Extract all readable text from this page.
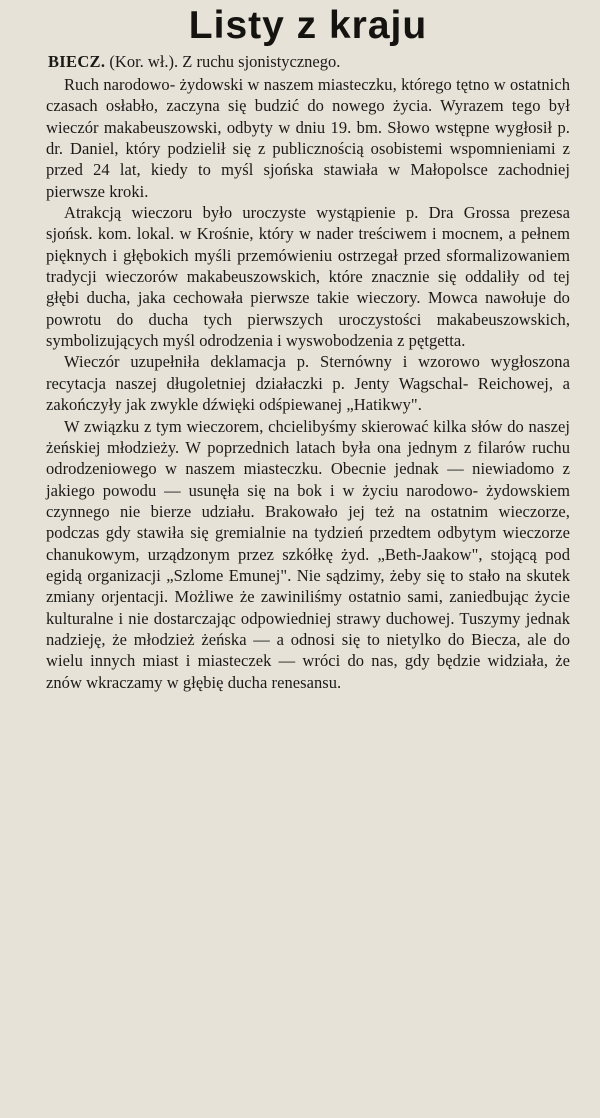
Listy z kraju
BIECZ. (Kor. wł.). Z ruchu sjonistycznego.

Ruch narodowo- żydowski w naszem miasteczku, którego tętno w ostatnich czasach osłabło, zaczyna się budzić do nowego życia. Wyrazem tego był wieczór makabeuszowski, odbyty w dniu 19. bm. Słowo wstępne wygłosił p. dr. Daniel, który podzielił się z publicznością osobistemi wspomnieniami z przed 24 lat, kiedy to myśl sjońska stawiała w Małopolsce zachodniej pierwsze kroki.

Atrakcją wieczoru było uroczyste wystąpienie p. Dra Grossa prezesa sjońsk. kom. lokal. w Krośnie, który w nader treściwem i mocnem, a pełnem pięknych i głębokich myśli przemówieniu ostrzegał przed sformalizowaniem tradycji wieczorów makabeuszowskich, które znacznie się oddaliły od tej głębi ducha, jaka cechowała pierwsze takie wieczory. Mowca nawołuje do powrotu do ducha tych pierwszych uroczystości makabeuszowskich, symbolizujących myśl odrodzenia i wyswobodzenia z pętgetta.

Wieczór uzupełniła deklamacja p. Sternówny i wzorowo wygłoszona recytacja naszej długoletniej działaczki p. Jenty Wagschal- Reichowej, a zakończyły jak zwykle dźwięki odśpiewanej „Hatikwy".

W związku z tym wieczorem, chcielibyśmy skierować kilka słów do naszej żeńskiej młodzieży. W poprzednich latach była ona jednym z filarów ruchu odrodzeniowego w naszem miasteczku. Obecnie jednak — niewiadomo z jakiego powodu — usunęła się na bok i w życiu narodowo- żydowskiem czynnego nie bierze udziału. Brakowało jej też na ostatnim wieczorze, podczas gdy stawiła się gremialnie na tydzień przedtem odbytym wieczorze chanukowym, urządzonym przez szkółkę żyd. „Beth-Jaakow", stojącą pod egidą organizacji „Szlome Emunej". Nie sądzimy, żeby się to stało na skutek zmiany orjentacji. Możliwe że zawiniliśmy ostatnio sami, zaniedbując życie kulturalne i nie dostarczając odpowiedniej strawy duchowej. Tuszymy jednak nadzieję, że młodzież żeńska — a odnosi się to nietylko do Biecza, ale do wielu innych miast i miasteczek — wróci do nas, gdy będzie widziała, że znów wkraczamy w głębię ducha renesansu.
